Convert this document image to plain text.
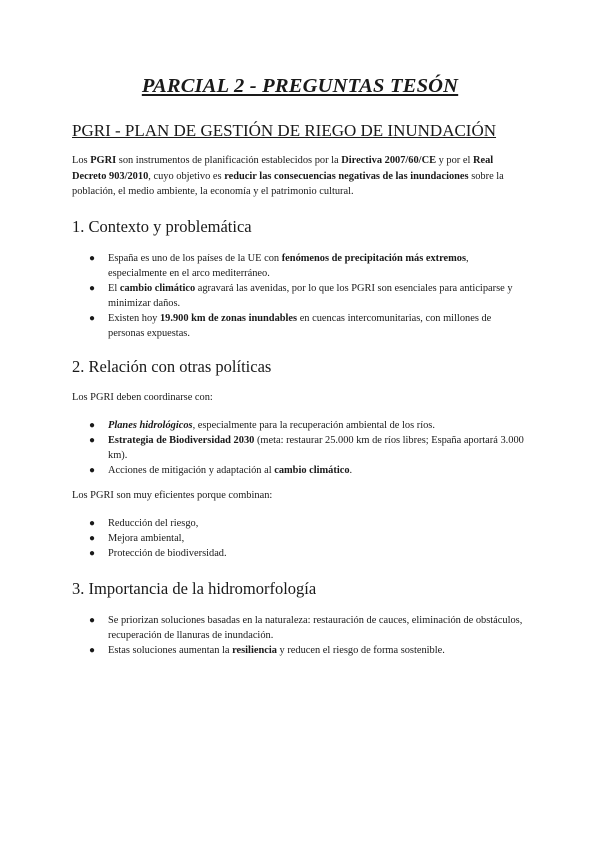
PARCIAL 2 - PREGUNTAS TESÓN
PGRI - PLAN DE GESTIÓN DE RIEGO DE INUNDACIÓN

Los PGRI son instrumentos de planificación establecidos por la Directiva 2007/60/CE y por el Real Decreto 903/2010, cuyo objetivo es reducir las consecuencias negativas de las inundaciones sobre la población, el medio ambiente, la economía y el patrimonio cultural.

1. Contexto y problemática
● España es uno de los países de la UE con fenómenos de precipitación más extremos, especialmente en el arco mediterráneo.
● El cambio climático agravará las avenidas, por lo que los PGRI son esenciales para anticiparse y minimizar daños.
● Existen hoy 19.900 km de zonas inundables en cuencas intercomunitarias, con millones de personas expuestas.
2. Relación con otras políticas

Los PGRI deben coordinarse con:

● Planes hidrológicos, especialmente para la recuperación ambiental de los ríos.
● Estrategia de Biodiversidad 2030 (meta: restaurar 25.000 km de ríos libres; España aportará 3.000 km).
● Acciones de mitigación y adaptación al cambio climático.

Los PGRI son muy eficientes porque combinan:

● Reducción del riesgo,
● Mejora ambiental,
● Protección de biodiversidad.
3. Importancia de la hidromorfología
● Se priorizan soluciones basadas en la naturaleza: restauración de cauces, eliminación de obstáculos, recuperación de llanuras de inundación.
● Estas soluciones aumentan la resiliencia y reducen el riesgo de forma sostenible.
